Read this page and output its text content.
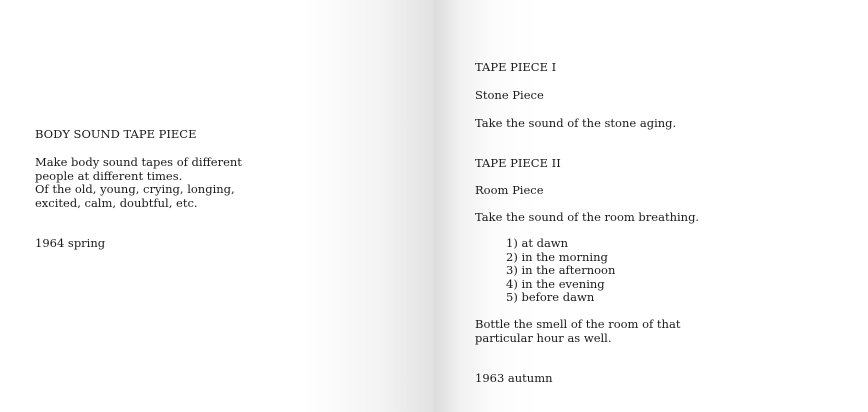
BODY SOUND TAPE PIECE

Make body sound tapes of different
people at different times.
Of the old, young, crying, longing,
excited, calm, doubtful, etc.

1964 spring

TAPE PIECE I

Stone Piece

Take the sound of the stone aging.

TAPE PIECE II

Room Piece

Take the sound of the room breathing.

1) at dawn
2) in the morning
3) in the afternoon
4) in the evening
5) before dawn
Bottle the smell of the room of that
particular hour as well.

1963 autumn
